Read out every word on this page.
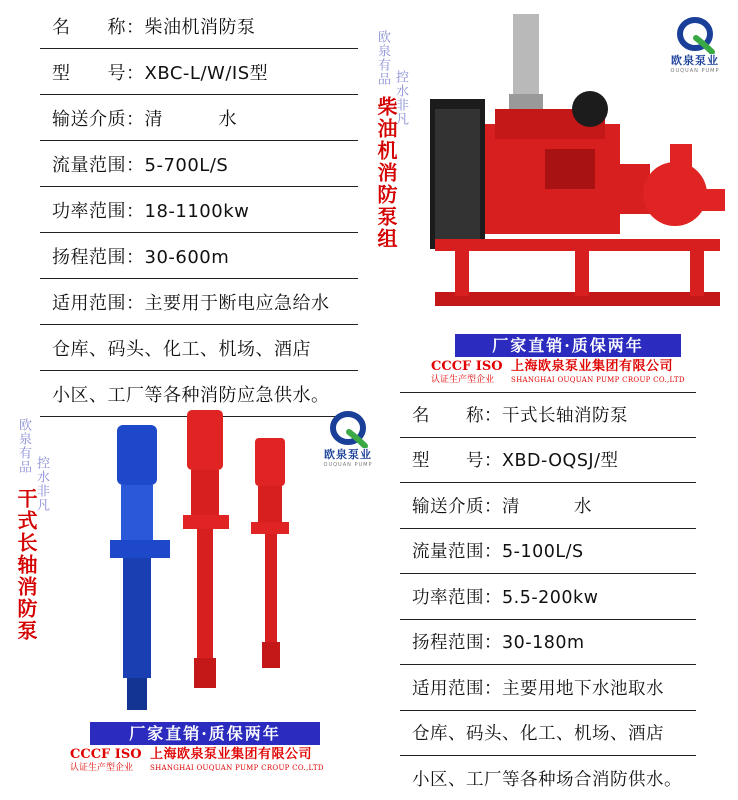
名　　称：柴油机消防泵
型　　号：XBC-L/W/IS型
输送介质：清　　　水
流量范围：5-700L/S
功率范围：18-1100kw
扬程范围：30-600m
适用范围：主要用于断电应急给水
仓库、码头、化工、机场、酒店
小区、工厂等各种消防应急供水。
欧泉有品
控水非凡
柴油机消防泵组
欧泉泵业
OUQUAN PUMP
厂家直销·质保两年
CCCF ISO
认证生产型企业
上海欧泉泵业集团有限公司
SHANGHAI OUQUAN PUMP CROUP CO.,LTD
欧泉有品
控水非凡
干式长轴消防泵
欧泉泵业
OUQUAN PUMP
名　　称：干式长轴消防泵
型　　号：XBD-OQSJ/型
输送介质：清　　　水
流量范围：5-100L/S
功率范围：5.5-200kw
扬程范围：30-180m
适用范围：主要用地下水池取水
仓库、码头、化工、机场、酒店
小区、工厂等各种场合消防供水。
厂家直销·质保两年
CCCF ISO
认证生产型企业
上海欧泉泵业集团有限公司
SHANGHAI OUQUAN PUMP CROUP CO.,LTD
